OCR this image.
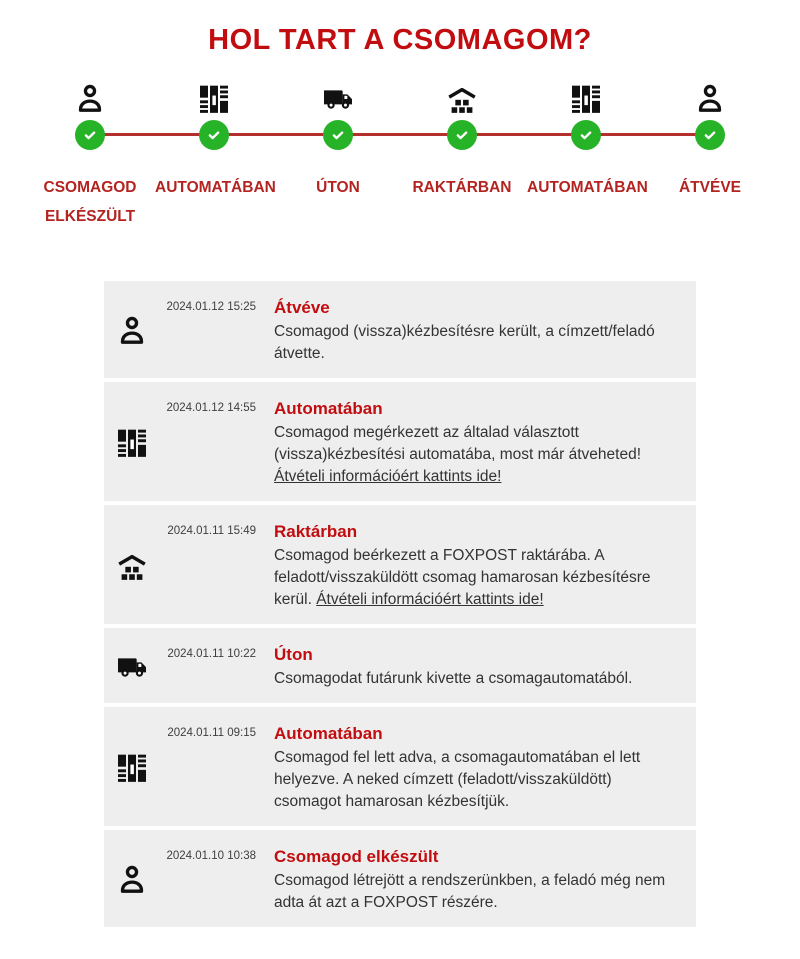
HOL TART A CSOMAGOM?
CSOMAGOD ELKÉSZÜLT
AUTOMATÁBAN	ÚTON	RAKTÁRBAN AUTOMATÁBAN ÁTVÉVE
2024.01.12 15:25 Átvéve
Csomagod (vissza)kézbesítésre került, a címzett/feladó átvette.
2024.01.12 14:55 Automatában
Csomagod megérkezett az általad választott (vissza)kézbesítési automatába, most már átveheted! Átvételi információért kattints ide!
2024.01.11 15:49 Raktárban
Csomagod beérkezett a FOXPOST raktárába. A feladott/visszaküldött csomag hamarosan kézbesítésre kerül. Átvételi információért kattints ide!
2024.01.11 10:22 Úton
Csomagodat futárunk kivette a csomagautomatából.
2024.01.11 09:15 Automatában
Csomagod fel lett adva, a csomagautomatában el lett helyezve. A neked címzett (feladott/visszaküldött) csomagot hamarosan kézbesítjük.
2024.01.10 10:38 Csomagod elkészült
Csomagod létrejött a rendszerünkben, a feladó még nem adta át azt a FOXPOST részére.
